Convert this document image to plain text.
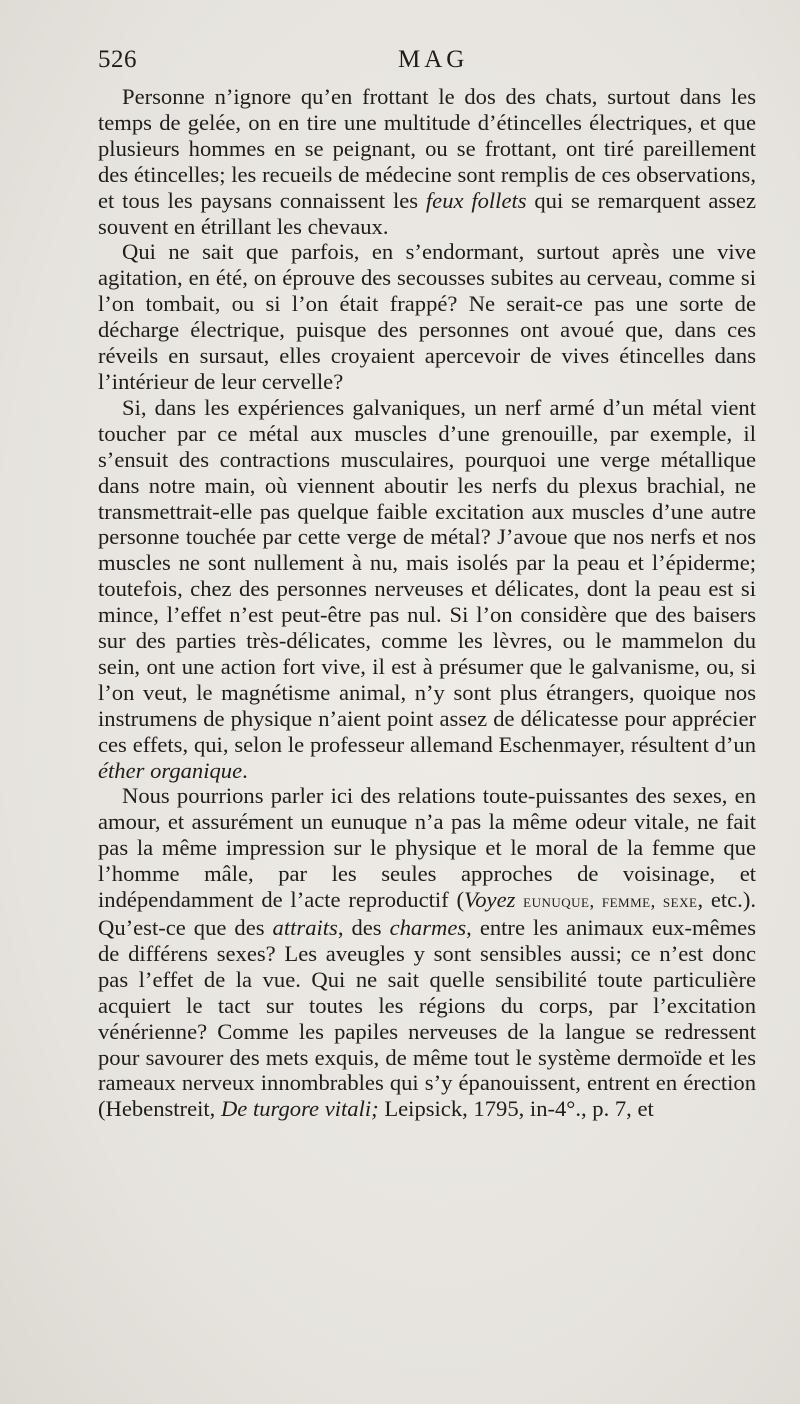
526	MAG

Personne n’ignore qu’en frottant le dos des chats, surtout dans les temps de gelée, on en tire une multitude d’étincelles électriques, et que plusieurs hommes en se peignant, ou se frottant, ont tiré pareillement des étincelles; les recueils de médecine sont remplis de ces observations, et tous les paysans connaissent les feux follets qui se remarquent assez souvent en étrillant les chevaux.

Qui ne sait que parfois, en s’endormant, surtout après une vive agitation, en été, on éprouve des secousses subites au cerveau, comme si l’on tombait, ou si l’on était frappé? Ne serait-ce pas une sorte de décharge électrique, puisque des personnes ont avoué que, dans ces réveils en sursaut, elles croyaient apercevoir de vives étincelles dans l’intérieur de leur cervelle?

Si, dans les expériences galvaniques, un nerf armé d’un métal vient toucher par ce métal aux muscles d’une grenouille, par exemple, il s’ensuit des contractions musculaires, pourquoi une verge métallique dans notre main, où viennent aboutir les nerfs du plexus brachial, ne transmettrait-elle pas quelque faible excitation aux muscles d’une autre personne touchée par cette verge de métal? J’avoue que nos nerfs et nos muscles ne sont nullement à nu, mais isolés par la peau et l’épiderme; toutefois, chez des personnes nerveuses et délicates, dont la peau est si mince, l’effet n’est peut-être pas nul. Si l’on considère que des baisers sur des parties très-délicates, comme les lèvres, ou le mammelon du sein, ont une action fort vive, il est à présumer que le galvanisme, ou, si l’on veut, le magnétisme animal, n’y sont plus étrangers, quoique nos instrumens de physique n’aient point assez de délicatesse pour apprécier ces effets, qui, selon le professeur allemand Eschenmayer, résultent d’un éther organique.

Nous pourrions parler ici des relations toute-puissantes des sexes, en amour, et assurément un eunuque n’a pas la même odeur vitale, ne fait pas la même impression sur le physique et le moral de la femme que l’homme mâle, par les seules approches de voisinage, et indépendamment de l’acte reproductif (Voyez eunuque, femme, sexe, etc.). Qu’est-ce que des attraits, des charmes, entre les animaux eux-mêmes de différens sexes? Les aveugles y sont sensibles aussi; ce n’est donc pas l’effet de la vue. Qui ne sait quelle sensibilité toute particulière acquiert le tact sur toutes les régions du corps, par l’excitation vénérienne? Comme les papiles nerveuses de la langue se redressent pour savourer des mets exquis, de même tout le système dermoïde et les rameaux nerveux innombrables qui s’y épanouissent, entrent en érection (Hebenstreit, De turgore vitali; Leipsick, 1795, in-4°., p. 7, et
